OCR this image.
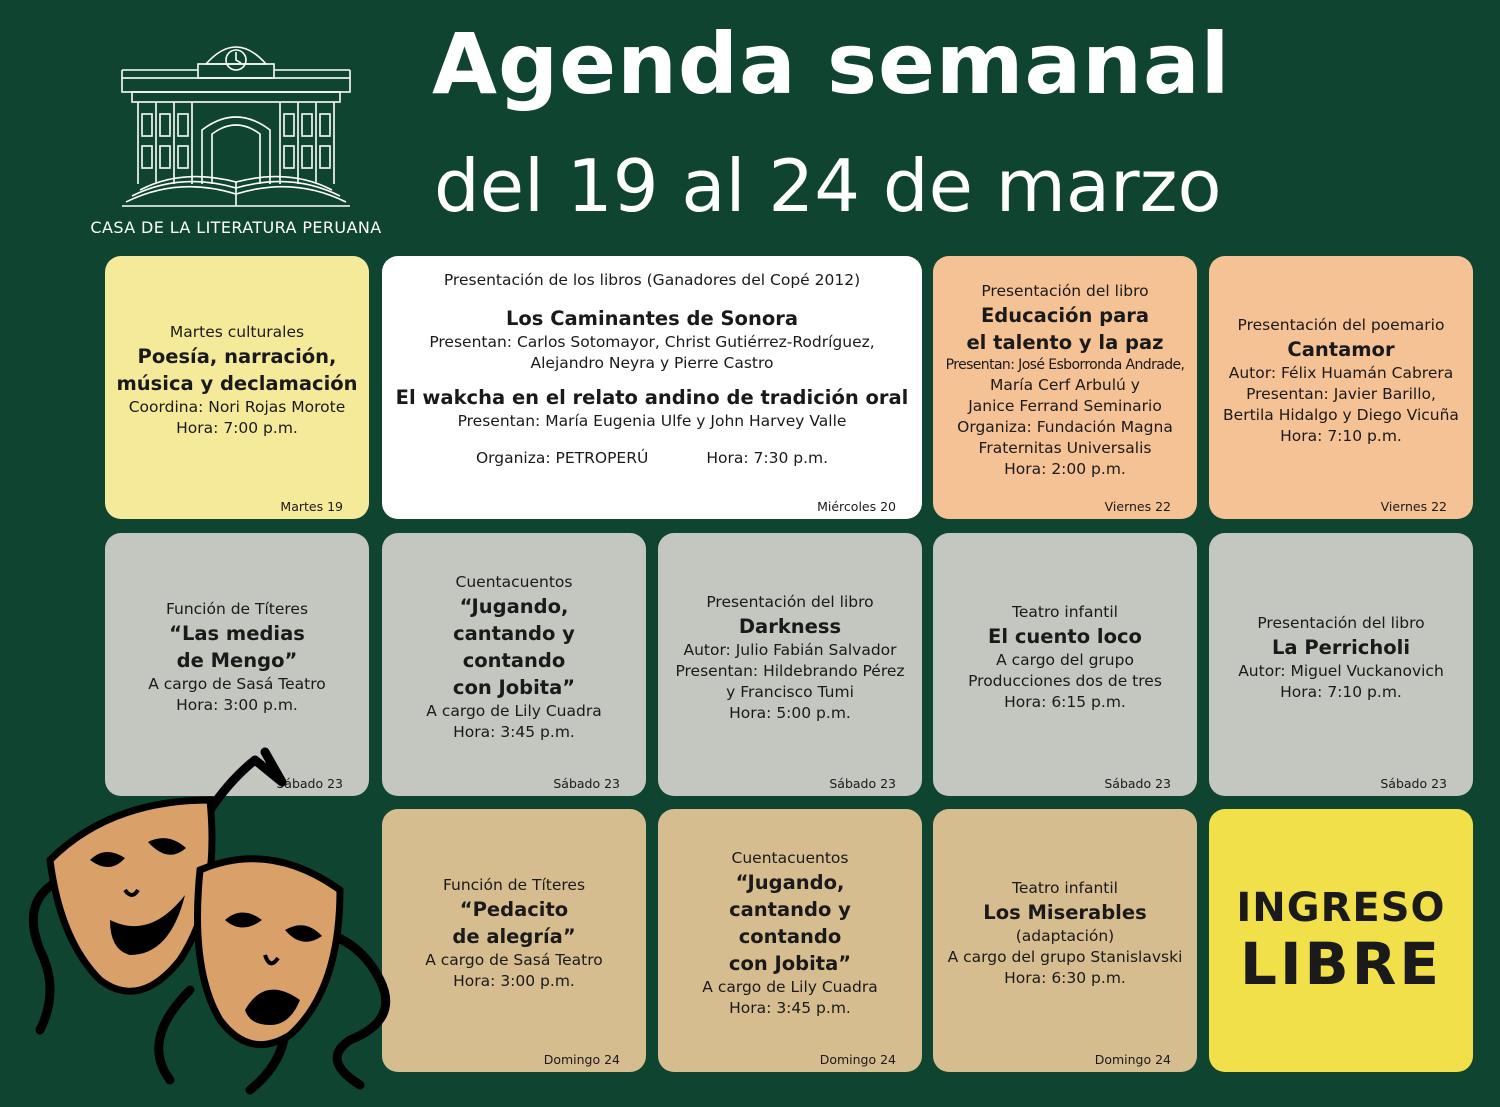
CASA DE LA LITERATURA PERUANA
Agenda semanal
del 19 al 24 de marzo
Martes culturales
Poesía, narración,
música y declamación
Coordina: Nori Rojas Morote
Hora: 7:00 p.m.
Martes 19
Presentación de los libros (Ganadores del Copé 2012)
Los Caminantes de Sonora
Presentan: Carlos Sotomayor, Christ Gutiérrez-Rodríguez,
Alejandro Neyra y Pierre Castro
El wakcha en el relato andino de tradición oral
Presentan: María Eugenia Ulfe y John Harvey Valle
Organiza: PETROPERÚ	Hora: 7:30 p.m.
Miércoles 20
Presentación del libro
Educación para
el talento y la paz
Presentan: José Esborronda Andrade,
María Cerf Arbulú y
Janice Ferrand Seminario
Organiza: Fundación Magna
Fraternitas Universalis
Hora: 2:00 p.m.
Viernes 22
Presentación del poemario
Cantamor
Autor: Félix Huamán Cabrera
Presentan: Javier Barillo,
Bertila Hidalgo y Diego Vicuña
Hora: 7:10 p.m.
Viernes 22
Función de Títeres
“Las medias
de Mengo”
A cargo de Sasá Teatro
Hora: 3:00 p.m.
Sábado 23
Cuentacuentos
“Jugando,
cantando y
contando
con Jobita”
A cargo de Lily Cuadra
Hora: 3:45 p.m.
Sábado 23
Presentación del libro
Darkness
Autor: Julio Fabián Salvador
Presentan: Hildebrando Pérez
y Francisco Tumi
Hora: 5:00 p.m.
Sábado 23
Teatro infantil
El cuento loco
A cargo del grupo
Producciones dos de tres
Hora: 6:15 p.m.
Sábado 23
Presentación del libro
La Perricholi
Autor: Miguel Vuckanovich
Hora: 7:10 p.m.
Sábado 23
Función de Títeres
“Pedacito
de alegría”
A cargo de Sasá Teatro
Hora: 3:00 p.m.
Domingo 24
Cuentacuentos
“Jugando,
cantando y
contando
con Jobita”
A cargo de Lily Cuadra
Hora: 3:45 p.m.
Domingo 24
Teatro infantil
Los Miserables
(adaptación)
A cargo del grupo Stanislavski
Hora: 6:30 p.m.
Domingo 24
INGRESO
LIBRE
